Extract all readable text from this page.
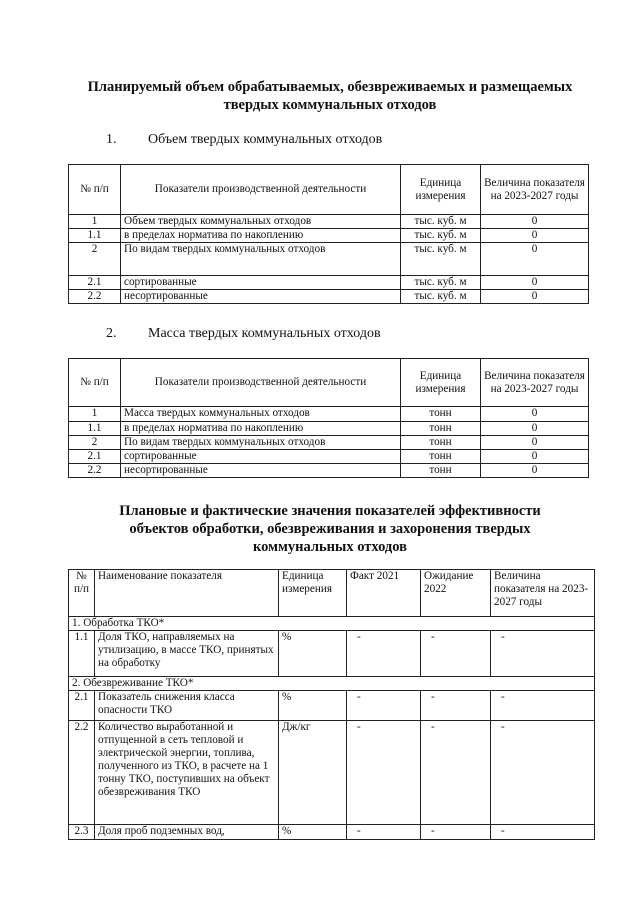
Планируемый объем обрабатываемых, обезвреживаемых и размещаемых
твердых коммунальных отходов
1. Объем твердых коммунальных отходов
№ п/п	Показатели производственной деятельности	Единица измерения	Величина показателя на 2023-2027 годы
1	Объем твердых коммунальных отходов	тыс. куб. м	0
1.1	в пределах норматива по накоплению	тыс. куб. м	0
2	По видам твердых коммунальных отходов	тыс. куб. м	0
2.1	сортированные	тыс. куб. м	0
2.2	несортированные	тыс. куб. м	0
2. Масса твердых коммунальных отходов
№ п/п	Показатели производственной деятельности	Единица измерения	Величина показателя на 2023-2027 годы
1	Масса твердых коммунальных отходов	тонн	0
1.1	в пределах норматива по накоплению	тонн	0
2	По видам твердых коммунальных отходов	тонн	0
2.1	сортированные	тонн	0
2.2	несортированные	тонн	0
Плановые и фактические значения показателей эффективности
объектов обработки, обезвреживания и захоронения твердых
коммунальных отходов
№ п/п	Наименование показателя	Единица измерения	Факт 2021	Ожидание 2022	Величина показателя на 2023-2027 годы
1. Обработка ТКО*					
1.1	Доля ТКО, направляемых на утилизацию, в массе ТКО, принятых на обработку	%	-	-	-
2. Обезвреживание ТКО*					
2.1	Показатель снижения класса опасности ТКО	%	-	-	-
2.2	Количество выработанной и отпущенной в сеть тепловой и электрической энергии, топлива, полученного из ТКО, в расчете на 1 тонну ТКО, поступивших на объект обезвреживания ТКО	Дж/кг	-	-	-
2.3	Доля проб подземных вод,	%	-	-	-
